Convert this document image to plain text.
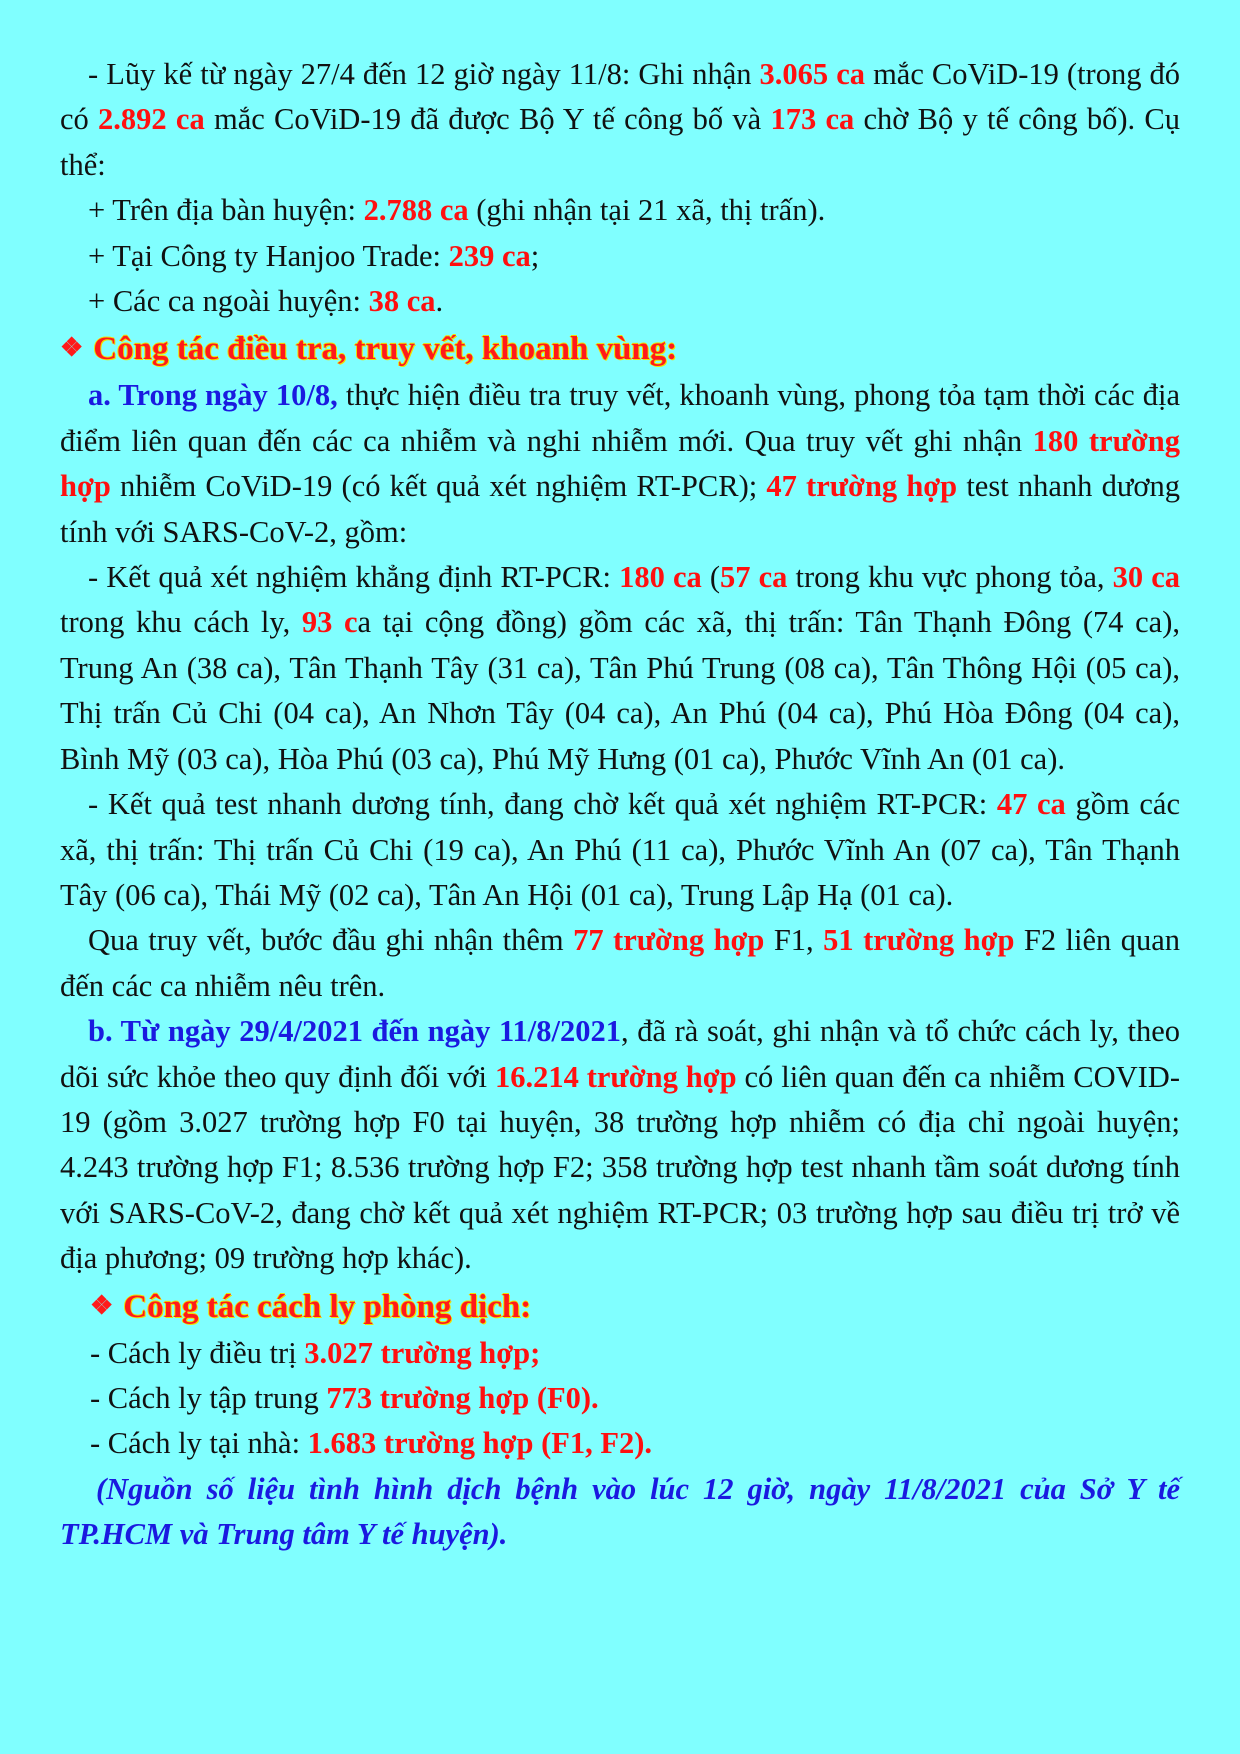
- Lũy kế từ ngày 27/4 đến 12 giờ ngày 11/8: Ghi nhận 3.065 ca mắc CoViD-19 (trong đó có 2.892 ca mắc CoViD-19 đã được Bộ Y tế công bố và 173 ca chờ Bộ y tế công bố). Cụ thể:

+ Trên địa bàn huyện: 2.788 ca (ghi nhận tại 21 xã, thị trấn).

+ Tại Công ty Hanjoo Trade: 239 ca;

+ Các ca ngoài huyện: 38 ca.

❖ Công tác điều tra, truy vết, khoanh vùng:

a. Trong ngày 10/8, thực hiện điều tra truy vết, khoanh vùng, phong tỏa tạm thời các địa điểm liên quan đến các ca nhiễm và nghi nhiễm mới. Qua truy vết ghi nhận 180 trường hợp nhiễm CoViD-19 (có kết quả xét nghiệm RT-PCR); 47 trường hợp test nhanh dương tính với SARS-CoV-2, gồm:

- Kết quả xét nghiệm khẳng định RT-PCR: 180 ca (57 ca trong khu vực phong tỏa, 30 ca trong khu cách ly, 93 ca tại cộng đồng) gồm các xã, thị trấn: Tân Thạnh Đông (74 ca), Trung An (38 ca), Tân Thạnh Tây (31 ca), Tân Phú Trung (08 ca), Tân Thông Hội (05 ca), Thị trấn Củ Chi (04 ca), An Nhơn Tây (04 ca), An Phú (04 ca), Phú Hòa Đông (04 ca), Bình Mỹ (03 ca), Hòa Phú (03 ca), Phú Mỹ Hưng (01 ca), Phước Vĩnh An (01 ca).

- Kết quả test nhanh dương tính, đang chờ kết quả xét nghiệm RT-PCR: 47 ca gồm các xã, thị trấn: Thị trấn Củ Chi (19 ca), An Phú (11 ca), Phước Vĩnh An (07 ca), Tân Thạnh Tây (06 ca), Thái Mỹ (02 ca), Tân An Hội (01 ca), Trung Lập Hạ (01 ca).

Qua truy vết, bước đầu ghi nhận thêm 77 trường hợp F1, 51 trường hợp F2 liên quan đến các ca nhiễm nêu trên.

b. Từ ngày 29/4/2021 đến ngày 11/8/2021, đã rà soát, ghi nhận và tổ chức cách ly, theo dõi sức khỏe theo quy định đối với 16.214 trường hợp có liên quan đến ca nhiễm COVID-19 (gồm 3.027 trường hợp F0 tại huyện, 38 trường hợp nhiễm có địa chỉ ngoài huyện; 4.243 trường hợp F1; 8.536 trường hợp F2; 358 trường hợp test nhanh tầm soát dương tính với SARS-CoV-2, đang chờ kết quả xét nghiệm RT-PCR; 03 trường hợp sau điều trị trở về địa phương; 09 trường hợp khác).

❖ Công tác cách ly phòng dịch:

- Cách ly điều trị 3.027 trường hợp;

- Cách ly tập trung 773 trường hợp (F0).

- Cách ly tại nhà: 1.683 trường hợp (F1, F2).

(Nguồn số liệu tình hình dịch bệnh vào lúc 12 giờ, ngày 11/8/2021 của Sở Y tế TP.HCM và Trung tâm Y tế huyện).
